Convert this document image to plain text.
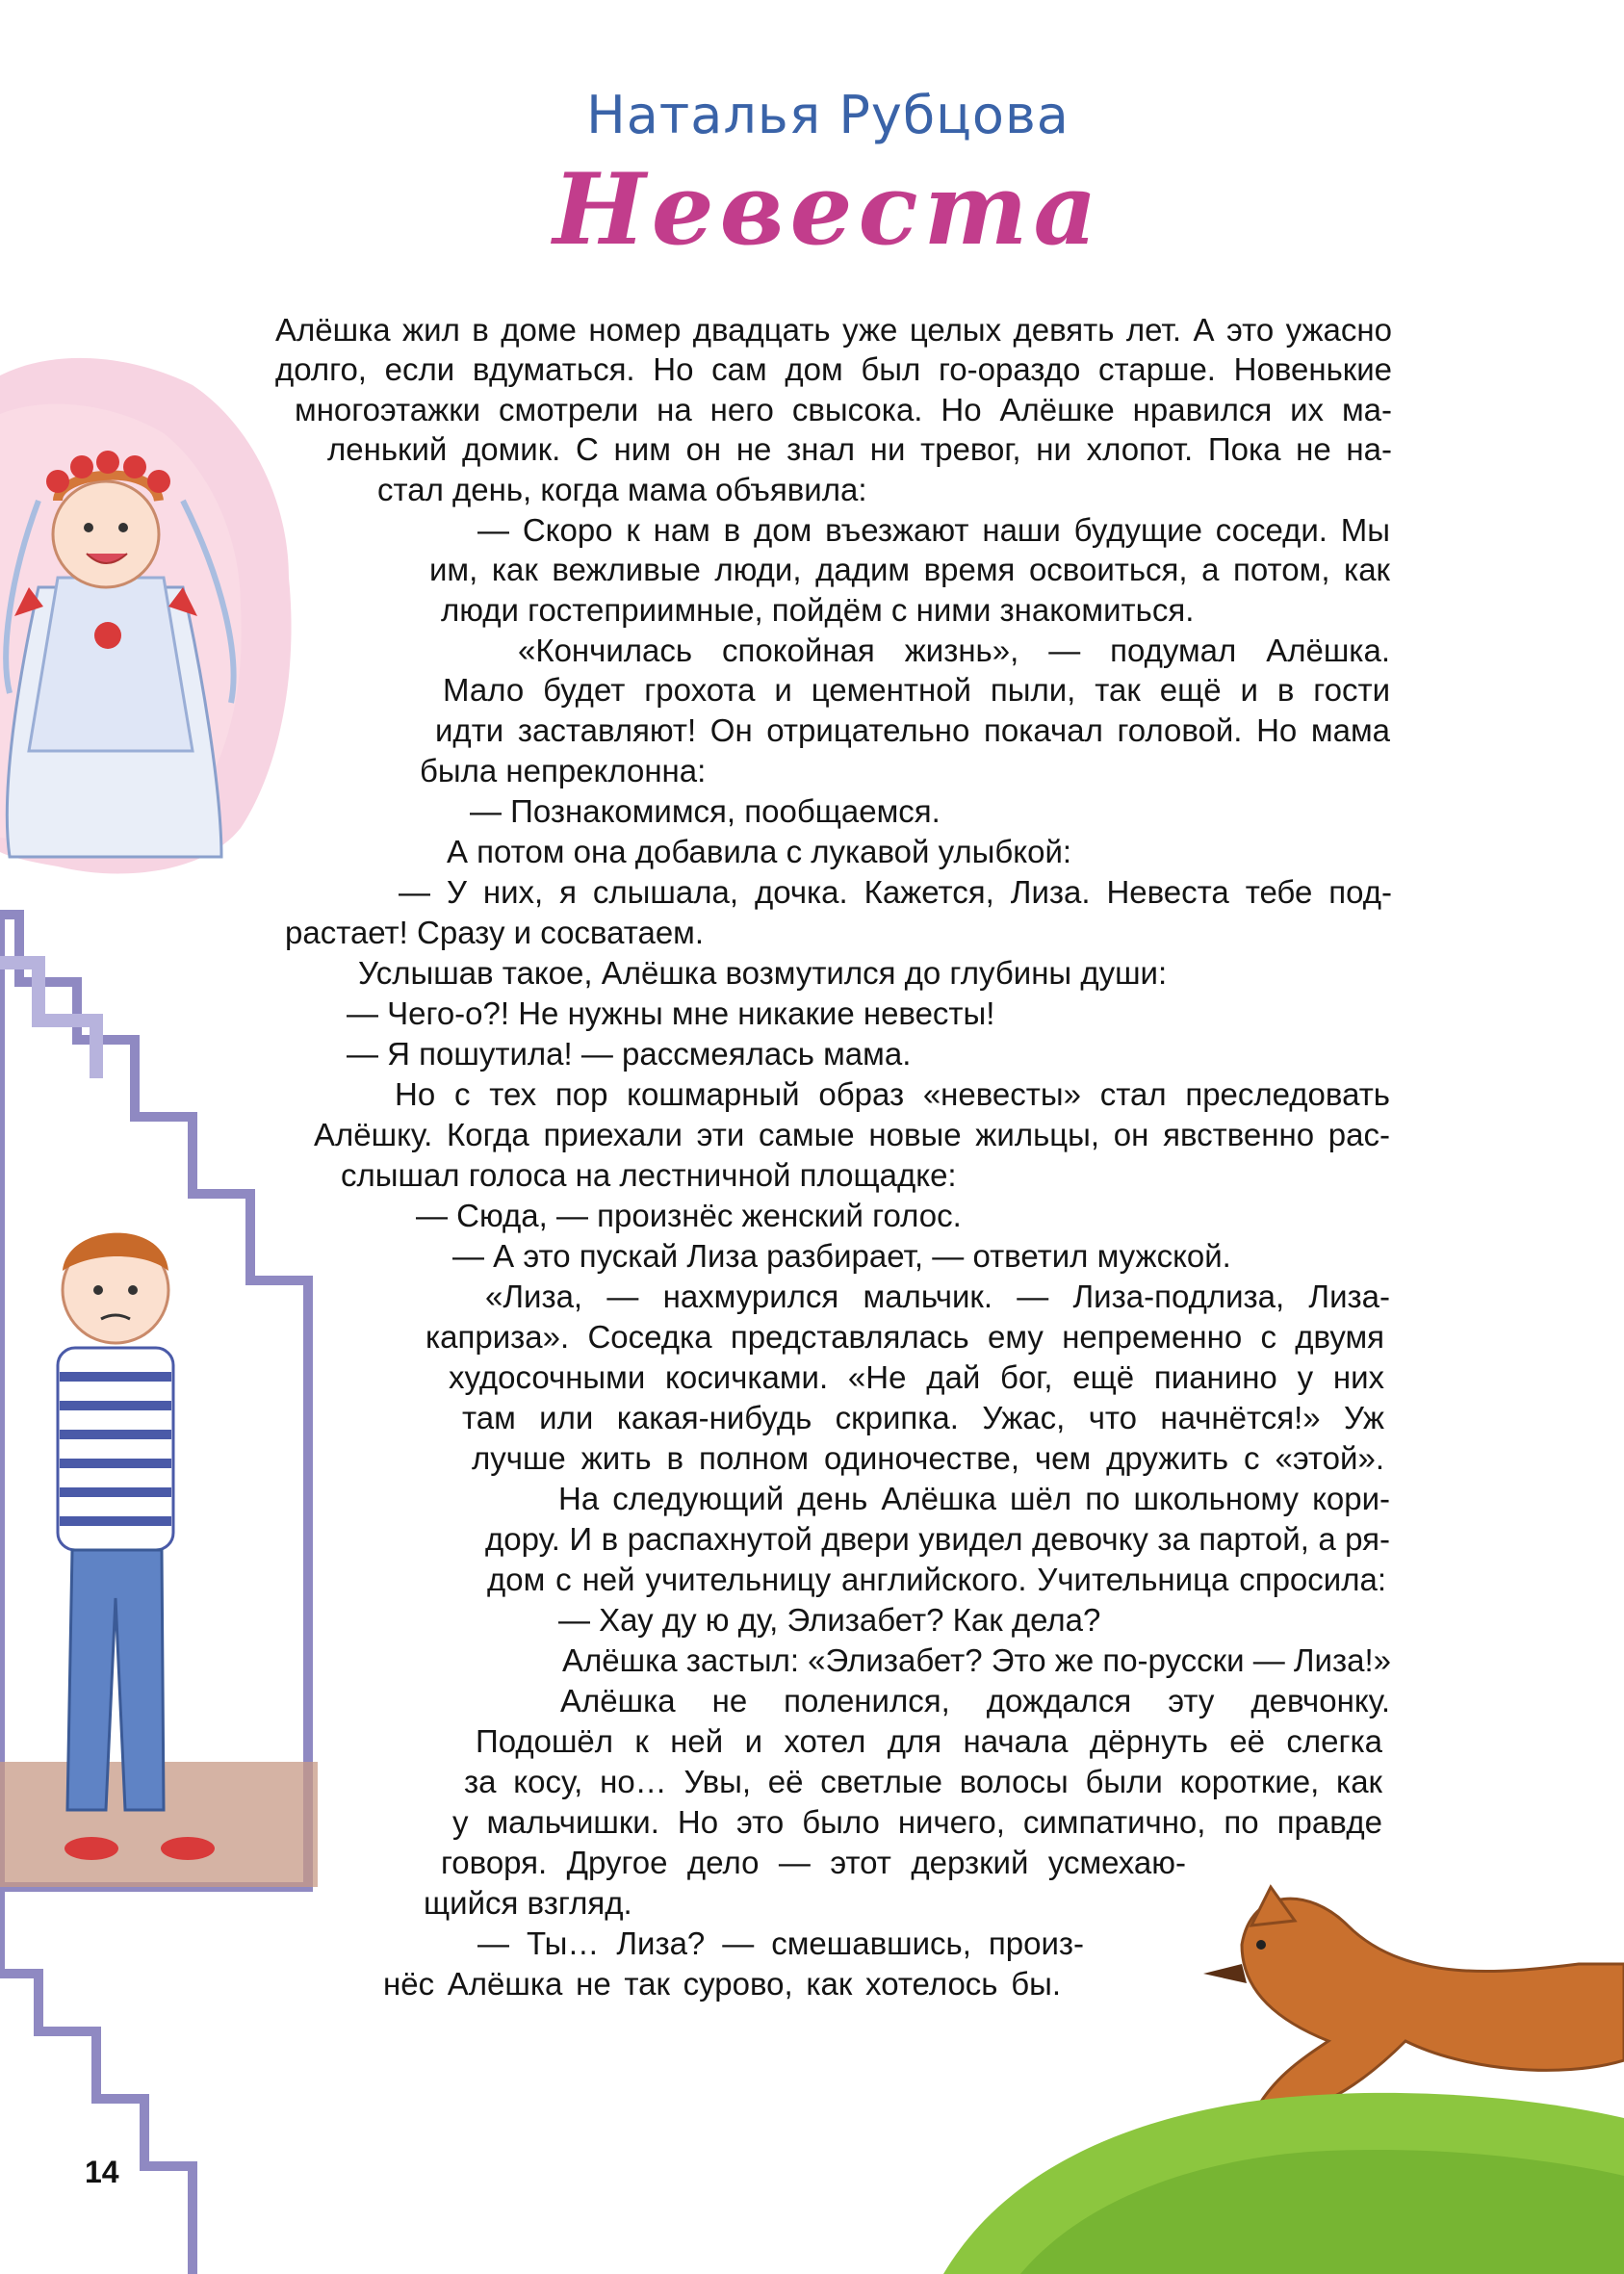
Наталья Рубцова
Невеста
Алёшка жил в доме номер двадцать уже целых девять лет. А это ужасно
долго, если вдуматься. Но сам дом был го-ораздо старше. Новенькие
многоэтажки смотрели на него свысока. Но Алёшке нравился их ма-
ленький домик. С ним он не знал ни тревог, ни хлопот. Пока не на-
стал день, когда мама объявила:
— Скоро к нам в дом въезжают наши будущие соседи. Мы
им, как вежливые люди, дадим время освоиться, а потом, как
люди гостеприимные, пойдём с ними знакомиться.
«Кончилась спокойная жизнь», — подумал Алёшка.
Мало будет грохота и цементной пыли, так ещё и в гости
идти заставляют! Он отрицательно покачал головой. Но мама
была непреклонна:
— Познакомимся, пообщаемся.
А потом она добавила с лукавой улыбкой:
— У них, я слышала, дочка. Кажется, Лиза. Невеста тебе под-
растает! Сразу и сосватаем.
Услышав такое, Алёшка возмутился до глубины души:
— Чего-о?! Не нужны мне никакие невесты!
— Я пошутила! — рассмеялась мама.
Но с тех пор кошмарный образ «невесты» стал преследовать
Алёшку. Когда приехали эти самые новые жильцы, он явственно рас-
слышал голоса на лестничной площадке:
— Сюда, — произнёс женский голос.
— А это пускай Лиза разбирает, — ответил мужской.
«Лиза, — нахмурился мальчик. — Лиза-подлиза, Лиза-
капризa». Соседка представлялась ему непременно с двумя
худосочными косичками. «Не дай бог, ещё пианино у них
там или какая-нибудь скрипка. Ужас, что начнётся!» Уж
лучше жить в полном одиночестве, чем дружить с «этой».
На следующий день Алёшка шёл по школьному кори-
дору. И в распахнутой двери увидел девочку за партой, а ря-
дом с ней учительницу английского. Учительница спросила:
— Хау ду ю ду, Элизабет? Как дела?
Алёшка застыл: «Элизабет? Это же по-русски — Лиза!»
Алёшка не поленился, дождался эту девчонку.
Подошёл к ней и хотел для начала дёрнуть её слегка
за косу, но… Увы, её светлые волосы были короткие, как
у мальчишки. Но это было ничего, симпатично, по правде
говоря. Другое дело — этот дерзкий усмехаю-
щийся взгляд.
— Ты… Лиза? — смешавшись, произ-
нёс Алёшка не так сурово, как хотелось бы.
14
